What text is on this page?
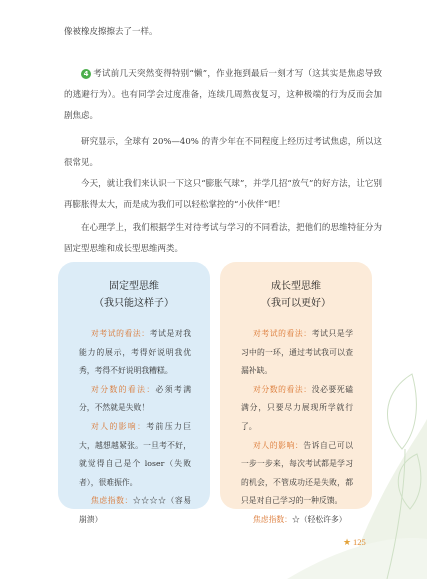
像被橡皮擦擦去了一样。
4 考试前几天突然变得特别“懒”，作业拖到最后一刻才写（这其实是焦虑导致的逃避行为）。也有同学会过度准备，连续几周熬夜复习，这种极端的行为反而会加剧焦虑。
研究显示，全球有 20%—40% 的青少年在不同程度上经历过考试焦虑，所以这很常见。
今天，就让我们来认识一下这只“膨胀气球”，并学几招“放气”的好方法，让它别再膨胀得太大，而是成为我们可以轻松掌控的“小伙伴”吧！
在心理学上，我们根据学生对待考试与学习的不同看法，把他们的思维特征分为固定型思维和成长型思维两类。
固定型思维
（我只能这样子）

对考试的看法：考试是对我能力的展示，考得好说明我优秀，考得不好说明我糟糕。

对分数的看法：必须考满分，不然就是失败！

对人的影响：考前压力巨大，越想越紧张。一旦考不好，就觉得自己是个 loser（失败者），很难振作。

焦虑指数：☆☆☆☆（容易崩溃）

成长型思维
（我可以更好）

对考试的看法：考试只是学习中的一环，通过考试我可以查漏补缺。

对分数的看法：没必要死磕满分，只要尽力展现所学就行了。

对人的影响：告诉自己可以一步一步来，每次考试都是学习的机会，不管成功还是失败，都只是对自己学习的一种反馈。

焦虑指数：☆（轻松许多）

★ 125
